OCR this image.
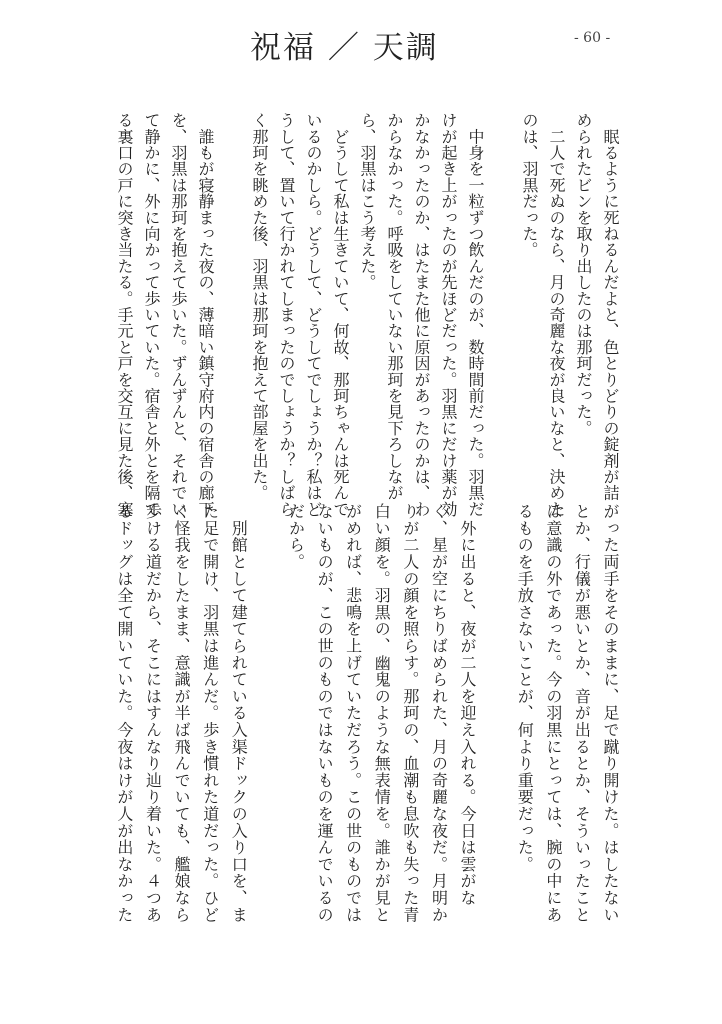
祝福 ／ 天調	- 60 -
　眠るように死ねるんだよと、色とりどりの錠剤が詰
められたビンを取り出したのは那珂だった。
　二人で死ぬのなら、月の奇麗な夜が良いなと、決めた
のは、羽黒だった。
　中身を一粒ずつ飲んだのが、数時間前だった。羽黒だ
けが起き上がったのが先ほどだった。羽黒にだけ薬が効
かなかったのか、はたまた他に原因があったのかは、わ
からなかった。呼吸をしていない那珂を見下ろしなが
ら、羽黒はこう考えた。
　どうして私は生きていて、何故、那珂ちゃんは死んで
いるのかしら。どうして、どうしてでしょうか？私はど
うして、置いて行かれてしまったのでしょうか？しばら
く那珂を眺めた後、羽黒は那珂を抱えて部屋を出た。
　誰もが寝静まった夜の、薄暗い鎮守府内の宿舎の廊下
を、羽黒は那珂を抱えて歩いた。ずんずんと、それでい
て静かに、外に向かって歩いていた。宿舎と外とを隔て
る裏口の戸に突き当たる。手元と戸を交互に見た後、塞
がった両手をそのままに、足で蹴り開けた。はしたない
とか、行儀が悪いとか、音が出るとか、そういったこと
は意識の外であった。今の羽黒にとっては、腕の中にあ
るものを手放さないことが、何より重要だった。
　外に出ると、夜が二人を迎え入れる。今日は雲がな
く、星が空にちりばめられた、月の奇麗な夜だ。月明か
りが二人の顔を照らす。那珂の、血潮も息吹も失った青
白い顔を。羽黒の、幽鬼のような無表情を。誰かが見と
がめれば、悲鳴を上げていただろう。この世のものでは
ないものが、この世のものではないものを運んでいるの
だから。
　別館として建てられている入渠ドックの入り口を、ま
た足で開け、羽黒は進んだ。歩き慣れた道だった。ひど
く怪我をしたまま、意識が半ば飛んでいても、艦娘なら
歩ける道だから、そこにはすんなり辿り着いた。４つあ
るドッグは全て開いていた。今夜はけが人が出なかった
